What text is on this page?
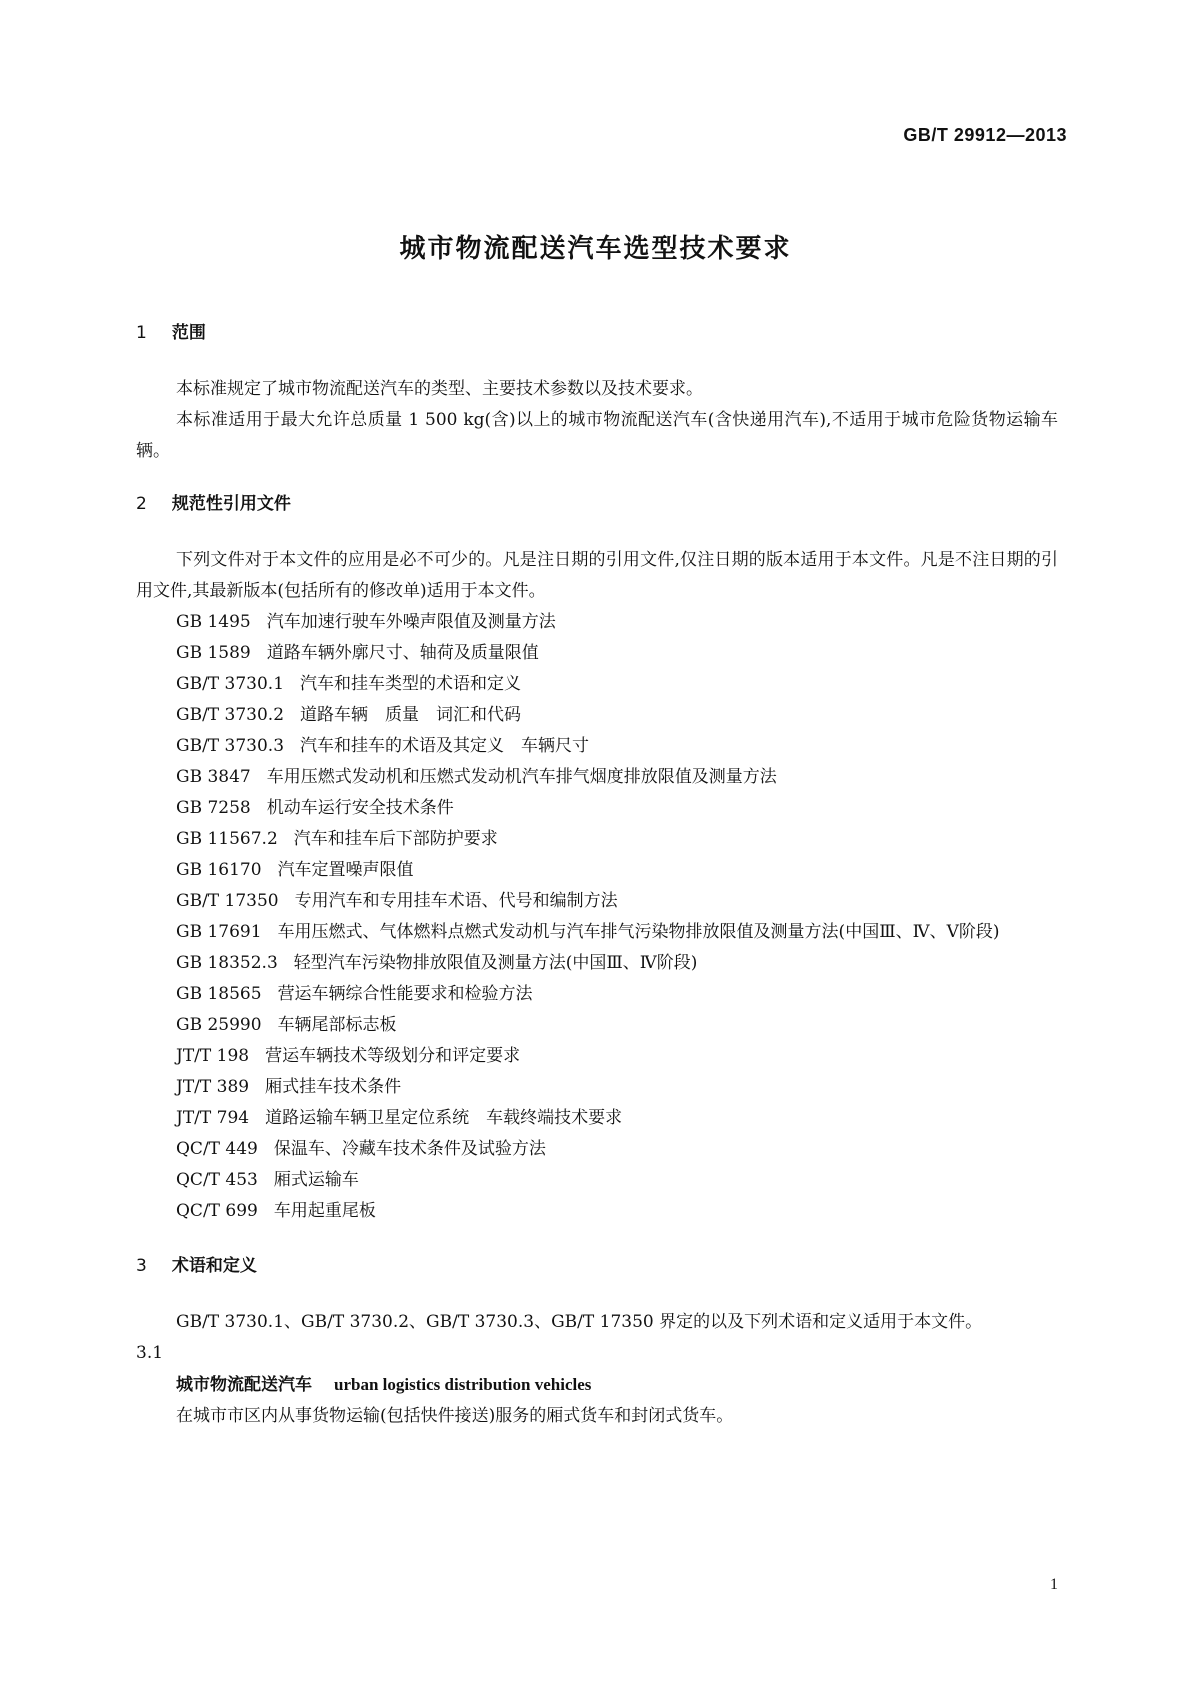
GB/T 29912—2013
城市物流配送汽车选型技术要求
1 范围

本标准规定了城市物流配送汽车的类型、主要技术参数以及技术要求。

本标准适用于最大允许总质量 1 500 kg(含)以上的城市物流配送汽车(含快递用汽车),不适用于城市危险货物运输车辆。

2 规范性引用文件

下列文件对于本文件的应用是必不可少的。凡是注日期的引用文件,仅注日期的版本适用于本文件。凡是不注日期的引用文件,其最新版本(包括所有的修改单)适用于本文件。

GB 1495 汽车加速行驶车外噪声限值及测量方法
GB 1589 道路车辆外廓尺寸、轴荷及质量限值
GB/T 3730.1 汽车和挂车类型的术语和定义
GB/T 3730.2 道路车辆　质量　词汇和代码
GB/T 3730.3 汽车和挂车的术语及其定义　车辆尺寸
GB 3847 车用压燃式发动机和压燃式发动机汽车排气烟度排放限值及测量方法
GB 7258 机动车运行安全技术条件
GB 11567.2 汽车和挂车后下部防护要求
GB 16170 汽车定置噪声限值
GB/T 17350 专用汽车和专用挂车术语、代号和编制方法
GB 17691 车用压燃式、气体燃料点燃式发动机与汽车排气污染物排放限值及测量方法(中国Ⅲ、Ⅳ、Ⅴ阶段)
GB 18352.3 轻型汽车污染物排放限值及测量方法(中国Ⅲ、Ⅳ阶段)
GB 18565 营运车辆综合性能要求和检验方法
GB 25990 车辆尾部标志板
JT/T 198 营运车辆技术等级划分和评定要求
JT/T 389 厢式挂车技术条件
JT/T 794 道路运输车辆卫星定位系统　车载终端技术要求
QC/T 449 保温车、冷藏车技术条件及试验方法
QC/T 453 厢式运输车
QC/T 699 车用起重尾板
3 术语和定义

GB/T 3730.1、GB/T 3730.2、GB/T 3730.3、GB/T 17350 界定的以及下列术语和定义适用于本文件。

3.1

城市物流配送汽车 urban logistics distribution vehicles

在城市市区内从事货物运输(包括快件接送)服务的厢式货车和封闭式货车。

1
